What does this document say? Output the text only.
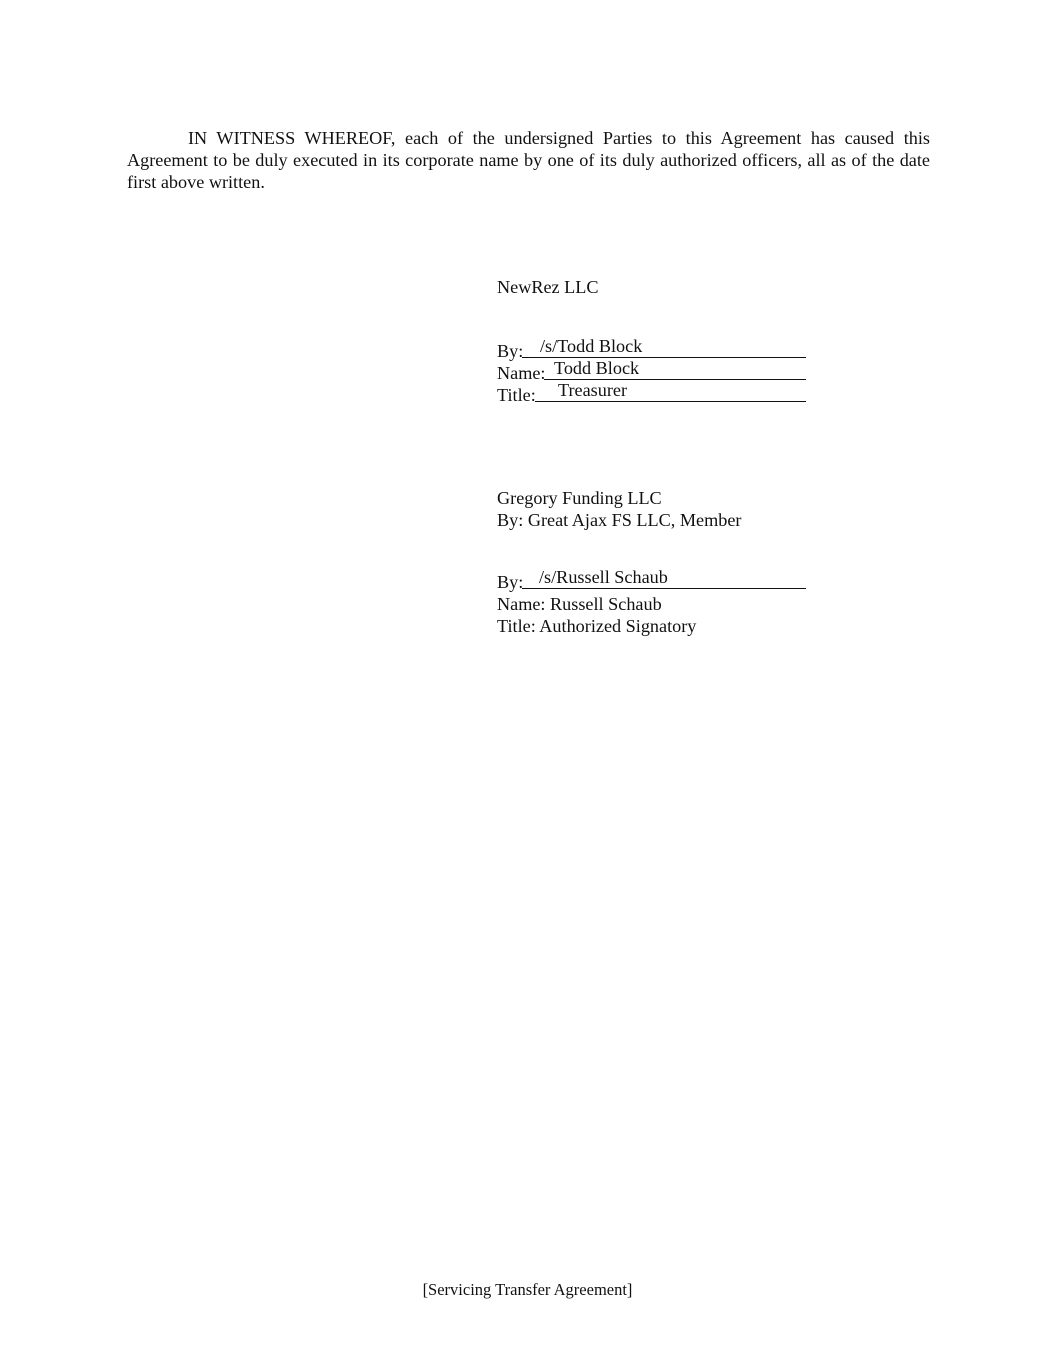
IN WITNESS WHEREOF, each of the undersigned Parties to this Agreement has caused this Agreement to be duly executed in its corporate name by one of its duly authorized officers, all as of the date first above written.

NewRez LLC
By: /s/Todd Block
Name: Todd Block
Title: Treasurer
Gregory Funding LLC
By: Great Ajax FS LLC, Member
By: /s/Russell Schaub
Name: Russell Schaub
Title: Authorized Signatory
[Servicing Transfer Agreement]
